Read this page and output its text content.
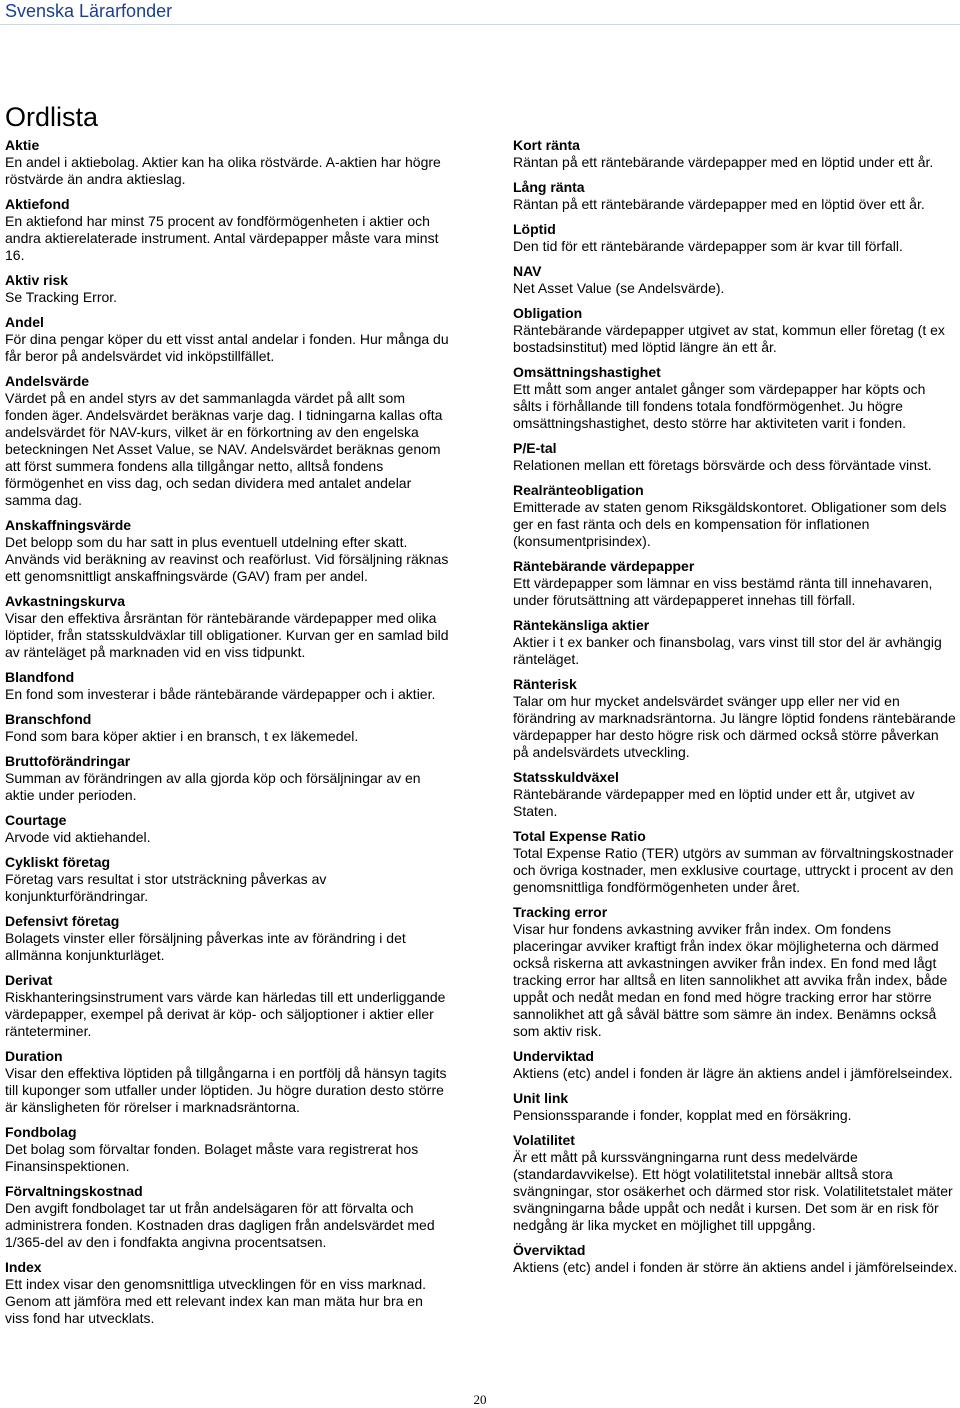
Svenska Lärarfonder
Ordlista
Aktie
En andel i aktiebolag. Aktier kan ha olika röstvärde. A-aktien har högre röstvärde än andra aktieslag.
Aktiefond
En aktiefond har minst 75 procent av fondförmögenheten i aktier och andra aktierelaterade instrument. Antal värdepapper måste vara minst 16.
Aktiv risk
Se Tracking Error.
Andel
För dina pengar köper du ett visst antal andelar i fonden. Hur många du får beror på andelsvärdet vid inköpstillfället.
Andelsvärde
Värdet på en andel styrs av det sammanlagda värdet på allt som fonden äger. Andelsvärdet beräknas varje dag. I tidningarna kallas ofta andelsvärdet för NAV-kurs, vilket är en förkortning av den engelska beteckningen Net Asset Value, se NAV. Andelsvärdet beräknas genom att först summera fondens alla tillgångar netto, alltså fondens förmögenhet en viss dag, och sedan dividera med antalet andelar samma dag.
Anskaffningsvärde
Det belopp som du har satt in plus eventuell utdelning efter skatt. Används vid beräkning av reavinst och reaförlust. Vid försäljning räknas ett genomsnittligt anskaffningsvärde (GAV) fram per andel.
Avkastningskurva
Visar den effektiva årsräntan för räntebärande värdepapper med olika löptider, från statsskuldväxlar till obligationer. Kurvan ger en samlad bild av ränteläget på marknaden vid en viss tidpunkt.
Blandfond
En fond som investerar i både räntebärande värdepapper och i aktier.
Branschfond
Fond som bara köper aktier i en bransch, t ex läkemedel.
Bruttoförändringar
Summan av förändringen av alla gjorda köp och försäljningar av en aktie under perioden.
Courtage
Arvode vid aktiehandel.
Cykliskt företag
Företag vars resultat i stor utsträckning påverkas av konjunkturförändringar.
Defensivt företag
Bolagets vinster eller försäljning påverkas inte av förändring i det allmänna konjunkturläget.
Derivat
Riskhanteringsinstrument vars värde kan härledas till ett underliggande värdepapper, exempel på derivat är köp- och säljoptioner i aktier eller ränteterminer.
Duration
Visar den effektiva löptiden på tillgångarna i en portfölj då hänsyn tagits till kuponger som utfaller under löptiden. Ju högre duration desto större är känsligheten för rörelser i marknadsräntorna.
Fondbolag
Det bolag som förvaltar fonden. Bolaget måste vara registrerat hos Finansinspektionen.
Förvaltningskostnad
Den avgift fondbolaget tar ut från andelsägaren för att förvalta och administrera fonden. Kostnaden dras dagligen från andelsvärdet med 1/365-del av den i fondfakta angivna procentsatsen.
Index
Ett index visar den genomsnittliga utvecklingen för en viss marknad. Genom att jämföra med ett relevant index kan man mäta hur bra en viss fond har utvecklats.
Kort ränta
Räntan på ett räntebärande värdepapper med en löptid under ett år.
Lång ränta
Räntan på ett räntebärande värdepapper med en löptid över ett år.
Löptid
Den tid för ett räntebärande värdepapper som är kvar till förfall.
NAV
Net Asset Value (se Andelsvärde).
Obligation
Räntebärande värdepapper utgivet av stat, kommun eller företag (t ex bostadsinstitut) med löptid längre än ett år.
Omsättningshastighet
Ett mått som anger antalet gånger som värdepapper har köpts och sålts i förhållande till fondens totala fondförmögenhet. Ju högre omsättningshastighet, desto större har aktiviteten varit i fonden.
P/E-tal
Relationen mellan ett företags börsvärde och dess förväntade vinst.
Realränteobligation
Emitterade av staten genom Riksgäldskontoret. Obligationer som dels ger en fast ränta och dels en kompensation för inflationen (konsumentprisindex).
Räntebärande värdepapper
Ett värdepapper som lämnar en viss bestämd ränta till innehavaren, under förutsättning att värdepapperet innehas till förfall.
Räntekänsliga aktier
Aktier i t ex banker och finansbolag, vars vinst till stor del är avhängig ränteläget.
Ränterisk
Talar om hur mycket andelsvärdet svänger upp eller ner vid en förändring av marknadsräntorna. Ju längre löptid fondens räntebärande värdepapper har desto högre risk och därmed också större påverkan på andelsvärdets utveckling.
Statsskuldväxel
Räntebärande värdepapper med en löptid under ett år, utgivet av Staten.
Total Expense Ratio
Total Expense Ratio (TER) utgörs av summan av förvaltningskostnader och övriga kostnader, men exklusive courtage, uttryckt i procent av den genomsnittliga fondförmögenheten under året.
Tracking error
Visar hur fondens avkastning avviker från index. Om fondens placeringar avviker kraftigt från index ökar möjligheterna och därmed också riskerna att avkastningen avviker från index. En fond med lågt tracking error har alltså en liten sannolikhet att avvika från index, både uppåt och nedåt medan en fond med högre tracking error har större sannolikhet att gå såväl bättre som sämre än index. Benämns också som aktiv risk.
Underviktad
Aktiens (etc) andel i fonden är lägre än aktiens andel i jämförelseindex.
Unit link
Pensionssparande i fonder, kopplat med en försäkring.
Volatilitet
Är ett mått på kurssvängningarna runt dess medelvärde (standardavvikelse). Ett högt volatilitetstal innebär alltså stora svängningar, stor osäkerhet och därmed stor risk. Volatilitetstalet mäter svängningarna både uppåt och nedåt i kursen. Det som är en risk för nedgång är lika mycket en möjlighet till uppgång.
Överviktad
Aktiens (etc) andel i fonden är större än aktiens andel i jämförelseindex.
20
